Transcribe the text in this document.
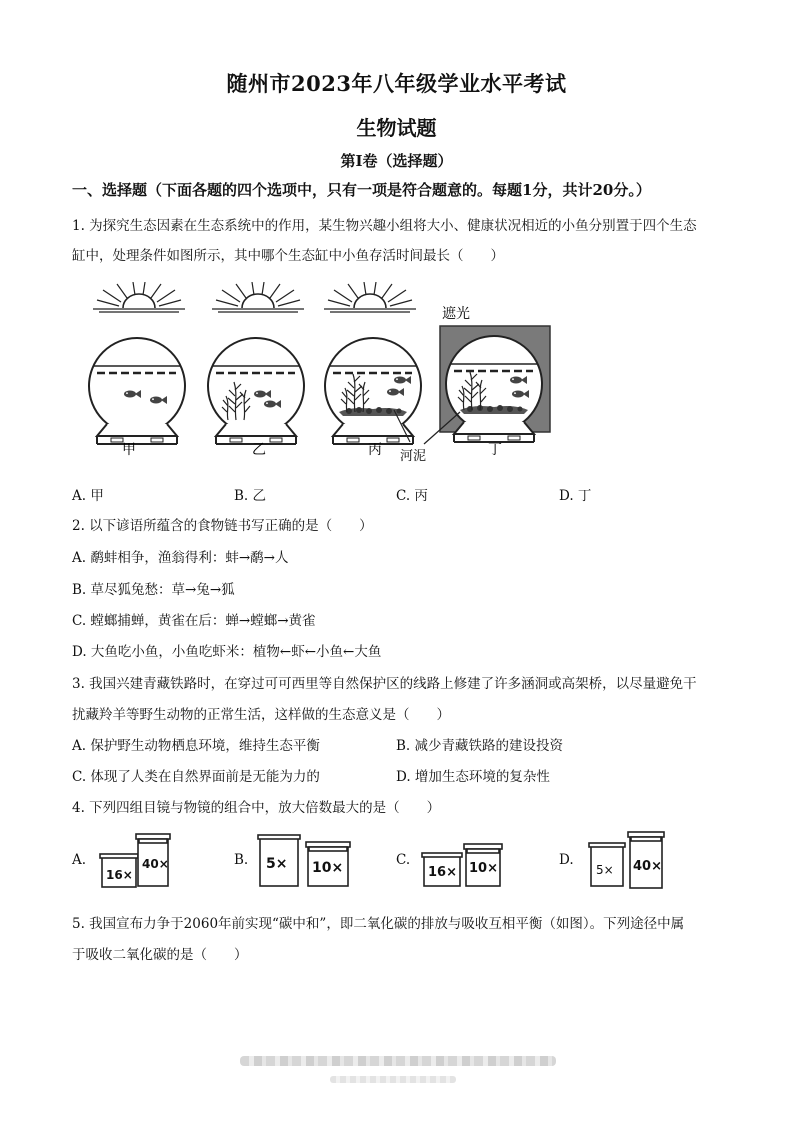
随州市2023年八年级学业水平考试
生物试题
第I卷（选择题）
一、选择题（下面各题的四个选项中，只有一项是符合题意的。每题1分，共计20分。）
1. 为探究生态因素在生态系统中的作用，某生物兴趣小组将大小、健康状况相近的小鱼分别置于四个生态
缸中，处理条件如图所示，其中哪个生态缸中小鱼存活时间最长（　　）
甲	乙	丙	丁
遮光
河泥
A. 甲	B. 乙	C. 丙	D. 丁
2. 以下谚语所蕴含的食物链书写正确的是（　　）
A. 鹬蚌相争，渔翁得利：蚌→鹬→人
B. 草尽狐兔愁：草→兔→狐
C. 螳螂捕蝉，黄雀在后：蝉→螳螂→黄雀
D. 大鱼吃小鱼，小鱼吃虾米：植物←虾←小鱼←大鱼
3. 我国兴建青藏铁路时，在穿过可可西里等自然保护区的线路上修建了许多涵洞或高架桥，以尽量避免干
扰藏羚羊等野生动物的正常生活，这样做的生态意义是（　　）
A. 保护野生动物栖息环境，维持生态平衡	B. 减少青藏铁路的建设投资
C. 体现了人类在自然界面前是无能为力的	D. 增加生态环境的复杂性
4. 下列四组目镜与物镜的组合中，放大倍数最大的是（　　）
A.	B.	C.	D.
16×
40×	5× 10×	16× 10×	5× 40×
5. 我国宣布力争于2060年前实现“碳中和”，即二氧化碳的排放与吸收互相平衡（如图）。下列途径中属
于吸收二氧化碳的是（　　）
